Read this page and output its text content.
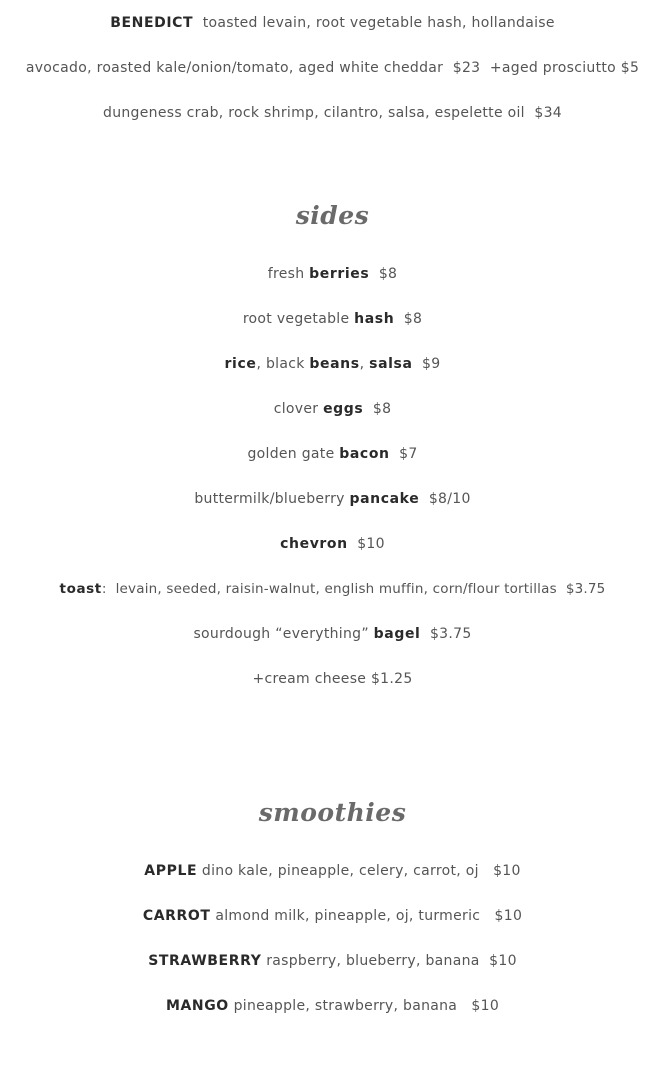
BENEDICT toasted levain, root vegetable hash, hollandaise
avocado, roasted kale/onion/tomato, aged white cheddar  $23  +aged prosciutto $5
dungeness crab, rock shrimp, cilantro, salsa, espelette oil  $34
sides
fresh berries  $8
root vegetable hash  $8
rice, black beans, salsa  $9
clover eggs  $8
golden gate bacon  $7
buttermilk/blueberry pancake  $8/10
chevron  $10
toast:  levain, seeded, raisin-walnut, english muffin, corn/flour tortillas  $3.75
sourdough “everything” bagel  $3.75
+cream cheese $1.25
smoothies
APPLE dino kale, pineapple, celery, carrot, oj   $10
CARROT almond milk, pineapple, oj, turmeric   $10
STRAWBERRY raspberry, blueberry, banana  $10
MANGO pineapple, strawberry, banana   $10
